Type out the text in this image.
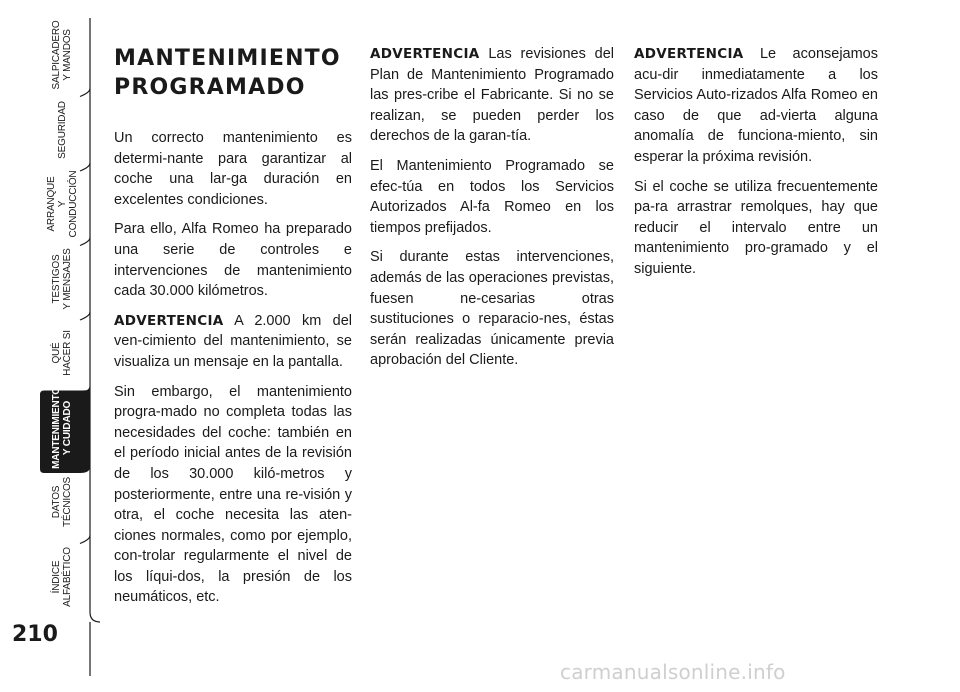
SALPICADERO
Y MANDOS
SEGURIDAD
ARRANQUE
Y CONDUCCIÓN
TESTIGOS
Y MENSAJES
QUÉ
HACER SI
MANTENIMIENTO
Y CUIDADO
DATOS
TÉCNICOS
ÍNDICE
ALFABÉTICO
210
MANTENIMIENTO
PROGRAMADO

Un correcto mantenimiento es determi-nante para garantizar al coche una lar-ga duración en excelentes condiciones.

Para ello, Alfa Romeo ha preparado una serie de controles e intervenciones de mantenimiento cada 30.000 kilómetros.

ADVERTENCIA A 2.000 km del ven-cimiento del mantenimiento, se visualiza un mensaje en la pantalla.

Sin embargo, el mantenimiento progra-mado no completa todas las necesidades del coche: también en el período inicial antes de la revisión de los 30.000 kiló-metros y posteriormente, entre una re-visión y otra, el coche necesita las aten-ciones normales, como por ejemplo, con-trolar regularmente el nivel de los líqui-dos, la presión de los neumáticos, etc.

ADVERTENCIA Las revisiones del Plan de Mantenimiento Programado las pres-cribe el Fabricante. Si no se realizan, se pueden perder los derechos de la garan-tía.

El Mantenimiento Programado se efec-túa en todos los Servicios Autorizados Al-fa Romeo en los tiempos prefijados.

Si durante estas intervenciones, además de las operaciones previstas, fuesen ne-cesarias otras sustituciones o reparacio-nes, éstas serán realizadas únicamente previa aprobación del Cliente.

ADVERTENCIA Le aconsejamos acu-dir inmediatamente a los Servicios Auto-rizados Alfa Romeo en caso de que ad-vierta alguna anomalía de funciona-miento, sin esperar la próxima revisión.

Si el coche se utiliza frecuentemente pa-ra arrastrar remolques, hay que reducir el intervalo entre un mantenimiento pro-gramado y el siguiente.

carmanualsonline.info
